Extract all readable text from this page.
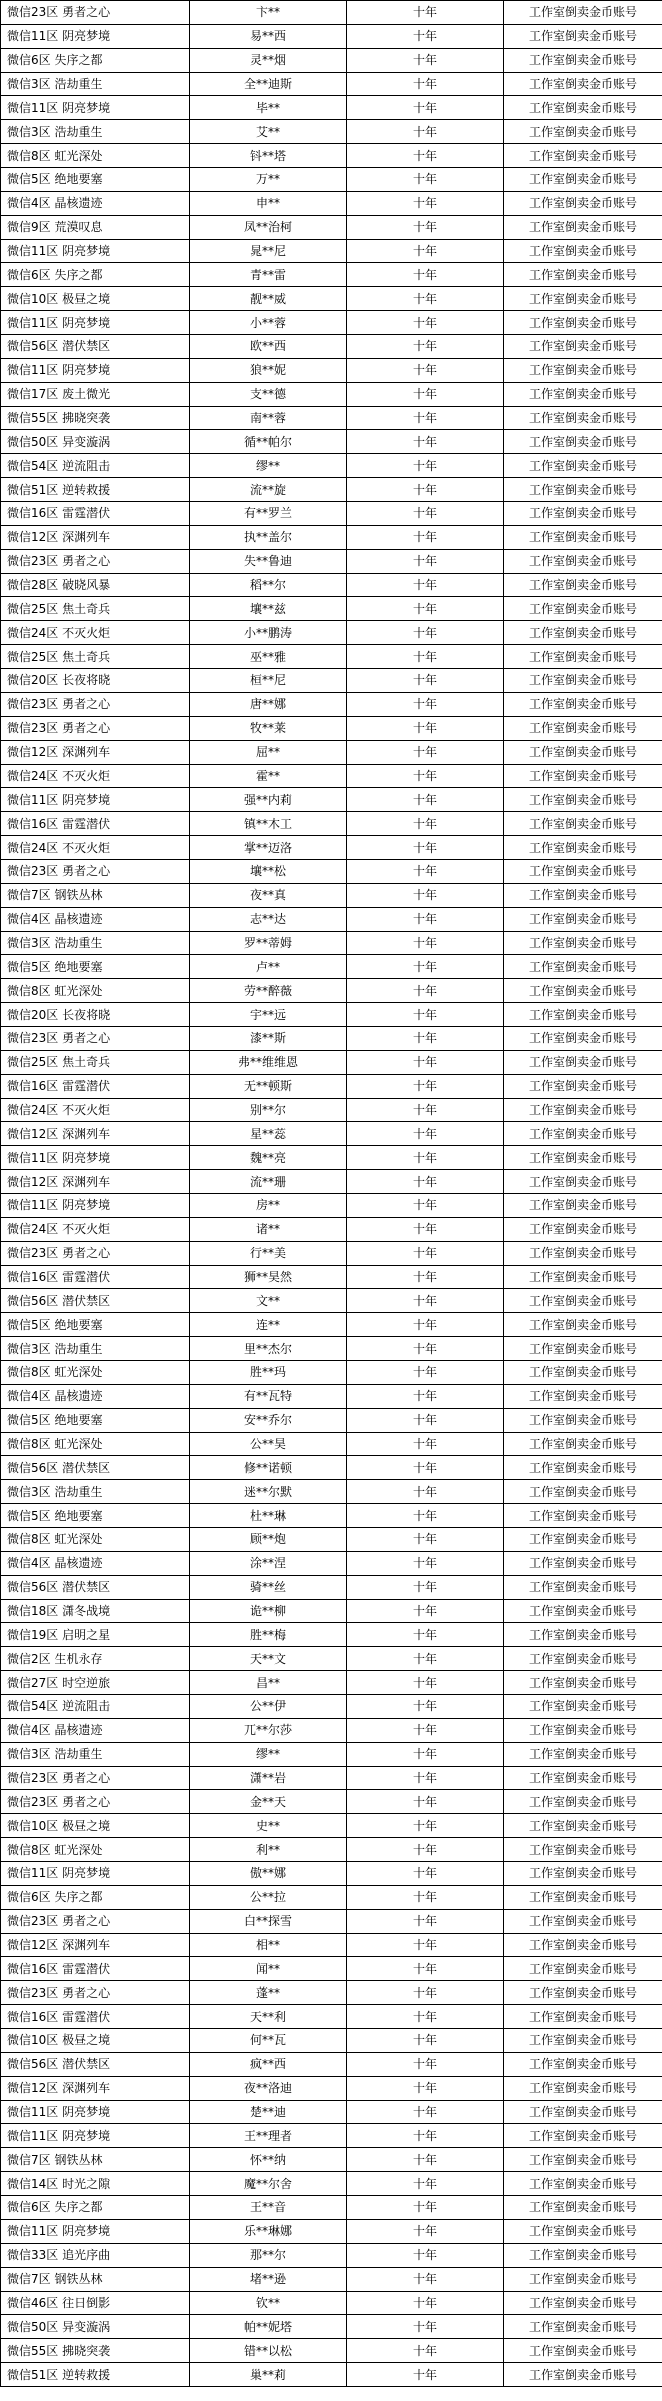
微信23区 勇者之心	卞**	十年	工作室倒卖金币账号
微信11区 阴亮梦境	易**西	十年	工作室倒卖金币账号
微信6区 失序之都	灵**烟	十年	工作室倒卖金币账号
微信3区 浩劫重生	全**迪斯	十年	工作室倒卖金币账号
微信11区 阴亮梦境	毕**	十年	工作室倒卖金币账号
微信3区 浩劫重生	艾**	十年	工作室倒卖金币账号
微信8区 虹光深处	钭**塔	十年	工作室倒卖金币账号
微信5区 绝地要塞	万**	十年	工作室倒卖金币账号
微信4区 晶核遗迹	申**	十年	工作室倒卖金币账号
微信9区 荒漠叹息	凤**治柯	十年	工作室倒卖金币账号
微信11区 阴亮梦境	晁**尼	十年	工作室倒卖金币账号
微信6区 失序之都	青**雷	十年	工作室倒卖金币账号
微信10区 极昼之境	靓**威	十年	工作室倒卖金币账号
微信11区 阴亮梦境	小**蓉	十年	工作室倒卖金币账号
微信56区 潜伏禁区	欧**西	十年	工作室倒卖金币账号
微信11区 阴亮梦境	狼**妮	十年	工作室倒卖金币账号
微信17区 废土微光	支**德	十年	工作室倒卖金币账号
微信55区 拂晓突袭	南**蓉	十年	工作室倒卖金币账号
微信50区 异变漩涡	循**帕尔	十年	工作室倒卖金币账号
微信54区 逆流阻击	缪**	十年	工作室倒卖金币账号
微信51区 逆转救援	流**旋	十年	工作室倒卖金币账号
微信16区 雷霆潜伏	有**罗兰	十年	工作室倒卖金币账号
微信12区 深渊列车	执**盖尔	十年	工作室倒卖金币账号
微信23区 勇者之心	失**鲁迪	十年	工作室倒卖金币账号
微信28区 破晓风暴	稻**尔	十年	工作室倒卖金币账号
微信25区 焦土奇兵	壤**兹	十年	工作室倒卖金币账号
微信24区 不灭火炬	小**鹏涛	十年	工作室倒卖金币账号
微信25区 焦土奇兵	巫**雅	十年	工作室倒卖金币账号
微信20区 长夜将晓	桓**尼	十年	工作室倒卖金币账号
微信23区 勇者之心	唐**娜	十年	工作室倒卖金币账号
微信23区 勇者之心	牧**莱	十年	工作室倒卖金币账号
微信12区 深渊列车	屈**	十年	工作室倒卖金币账号
微信24区 不灭火炬	霍**	十年	工作室倒卖金币账号
微信11区 阴亮梦境	强**内莉	十年	工作室倒卖金币账号
微信16区 雷霆潜伏	镇**木工	十年	工作室倒卖金币账号
微信24区 不灭火炬	掌**迈洛	十年	工作室倒卖金币账号
微信23区 勇者之心	壤**松	十年	工作室倒卖金币账号
微信7区 钢铁丛林	夜**真	十年	工作室倒卖金币账号
微信4区 晶核遗迹	志**达	十年	工作室倒卖金币账号
微信3区 浩劫重生	罗**蒂姆	十年	工作室倒卖金币账号
微信5区 绝地要塞	卢**	十年	工作室倒卖金币账号
微信8区 虹光深处	劳**醉薇	十年	工作室倒卖金币账号
微信20区 长夜将晓	宇**远	十年	工作室倒卖金币账号
微信23区 勇者之心	漆**斯	十年	工作室倒卖金币账号
微信25区 焦土奇兵	弗**维维恩	十年	工作室倒卖金币账号
微信16区 雷霆潜伏	无**顿斯	十年	工作室倒卖金币账号
微信24区 不灭火炬	别**尔	十年	工作室倒卖金币账号
微信12区 深渊列车	星**蕊	十年	工作室倒卖金币账号
微信11区 阴亮梦境	魏**亮	十年	工作室倒卖金币账号
微信12区 深渊列车	流**珊	十年	工作室倒卖金币账号
微信11区 阴亮梦境	房**	十年	工作室倒卖金币账号
微信24区 不灭火炬	诸**	十年	工作室倒卖金币账号
微信23区 勇者之心	行**美	十年	工作室倒卖金币账号
微信16区 雷霆潜伏	狮**昊然	十年	工作室倒卖金币账号
微信56区 潜伏禁区	文**	十年	工作室倒卖金币账号
微信5区 绝地要塞	连**	十年	工作室倒卖金币账号
微信3区 浩劫重生	里**杰尔	十年	工作室倒卖金币账号
微信8区 虹光深处	胜**玛	十年	工作室倒卖金币账号
微信4区 晶核遗迹	有**瓦特	十年	工作室倒卖金币账号
微信5区 绝地要塞	安**乔尔	十年	工作室倒卖金币账号
微信8区 虹光深处	公**昊	十年	工作室倒卖金币账号
微信56区 潜伏禁区	修**诺顿	十年	工作室倒卖金币账号
微信3区 浩劫重生	迷**尔默	十年	工作室倒卖金币账号
微信5区 绝地要塞	杜**琳	十年	工作室倒卖金币账号
微信8区 虹光深处	顾**炮	十年	工作室倒卖金币账号
微信4区 晶核遗迹	涂**涅	十年	工作室倒卖金币账号
微信56区 潜伏禁区	骑**丝	十年	工作室倒卖金币账号
微信18区 潇冬战境	诡**柳	十年	工作室倒卖金币账号
微信19区 启明之星	胜**梅	十年	工作室倒卖金币账号
微信2区 生机永存	天**文	十年	工作室倒卖金币账号
微信27区 时空逆旅	昌**	十年	工作室倒卖金币账号
微信54区 逆流阻击	公**伊	十年	工作室倒卖金币账号
微信4区 晶核遗迹	兀**尔莎	十年	工作室倒卖金币账号
微信3区 浩劫重生	缪**	十年	工作室倒卖金币账号
微信23区 勇者之心	潇**岩	十年	工作室倒卖金币账号
微信23区 勇者之心	金**天	十年	工作室倒卖金币账号
微信10区 极昼之境	史**	十年	工作室倒卖金币账号
微信8区 虹光深处	利**	十年	工作室倒卖金币账号
微信11区 阴亮梦境	傲**娜	十年	工作室倒卖金币账号
微信6区 失序之都	公**拉	十年	工作室倒卖金币账号
微信23区 勇者之心	白**探雪	十年	工作室倒卖金币账号
微信12区 深渊列车	相**	十年	工作室倒卖金币账号
微信16区 雷霆潜伏	闻**	十年	工作室倒卖金币账号
微信23区 勇者之心	蓬**	十年	工作室倒卖金币账号
微信16区 雷霆潜伏	天**利	十年	工作室倒卖金币账号
微信10区 极昼之境	何**瓦	十年	工作室倒卖金币账号
微信56区 潜伏禁区	疯**西	十年	工作室倒卖金币账号
微信12区 深渊列车	夜**洛迪	十年	工作室倒卖金币账号
微信11区 阴亮梦境	楚**迪	十年	工作室倒卖金币账号
微信11区 阴亮梦境	王**理者	十年	工作室倒卖金币账号
微信7区 钢铁丛林	怀**纳	十年	工作室倒卖金币账号
微信14区 时光之隙	魔**尔舍	十年	工作室倒卖金币账号
微信6区 失序之都	王**音	十年	工作室倒卖金币账号
微信11区 阴亮梦境	乐**琳娜	十年	工作室倒卖金币账号
微信33区 追光序曲	那**尔	十年	工作室倒卖金币账号
微信7区 钢铁丛林	堵**逊	十年	工作室倒卖金币账号
微信46区 往日倒影	钦**	十年	工作室倒卖金币账号
微信50区 异变漩涡	帕**妮塔	十年	工作室倒卖金币账号
微信55区 拂晓突袭	错**以松	十年	工作室倒卖金币账号
微信51区 逆转救援	巢**莉	十年	工作室倒卖金币账号
